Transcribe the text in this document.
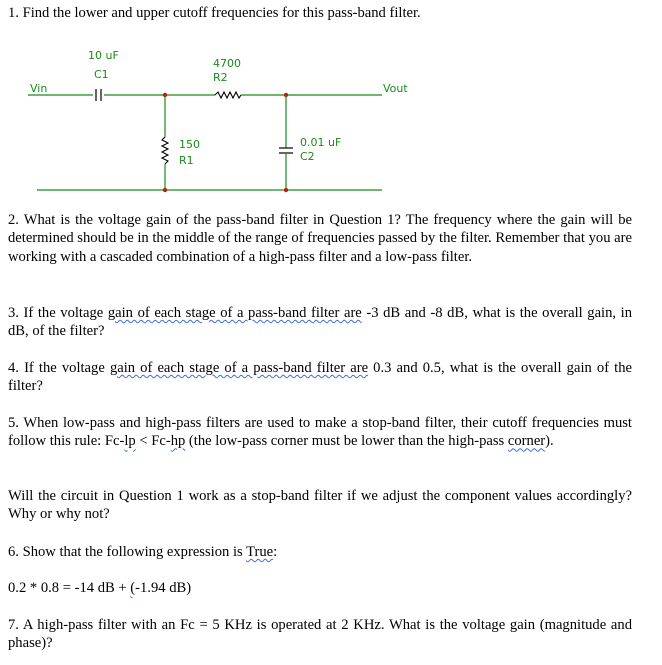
1. Find the lower and upper cutoff frequencies for this pass-band filter.

Vin	Vout
10 uF
C1
4700
R2
150
R1
0.01 uF
C2

2. What is the voltage gain of the pass-band filter in Question 1? The frequency where the gain will be determined should be in the middle of the range of frequencies passed by the filter. Remember that you are working with a cascaded combination of a high-pass filter and a low-pass filter.

3. If the voltage gain of each stage of a pass-band filter are -3 dB and -8 dB, what is the overall gain, in dB, of the filter?

4. If the voltage gain of each stage of a pass-band filter are 0.3 and 0.5, what is the overall gain of the filter?

5. When low-pass and high-pass filters are used to make a stop-band filter, their cutoff frequencies must follow this rule: Fc-lp < Fc-hp (the low-pass corner must be lower than the high-pass corner).

Will the circuit in Question 1 work as a stop-band filter if we adjust the component values accordingly? Why or why not?

6. Show that the following expression is True:

0.2 * 0.8 = -14 dB + (-1.94 dB)

7. A high-pass filter with an Fc = 5 KHz is operated at 2 KHz. What is the voltage gain (magnitude and phase)?
